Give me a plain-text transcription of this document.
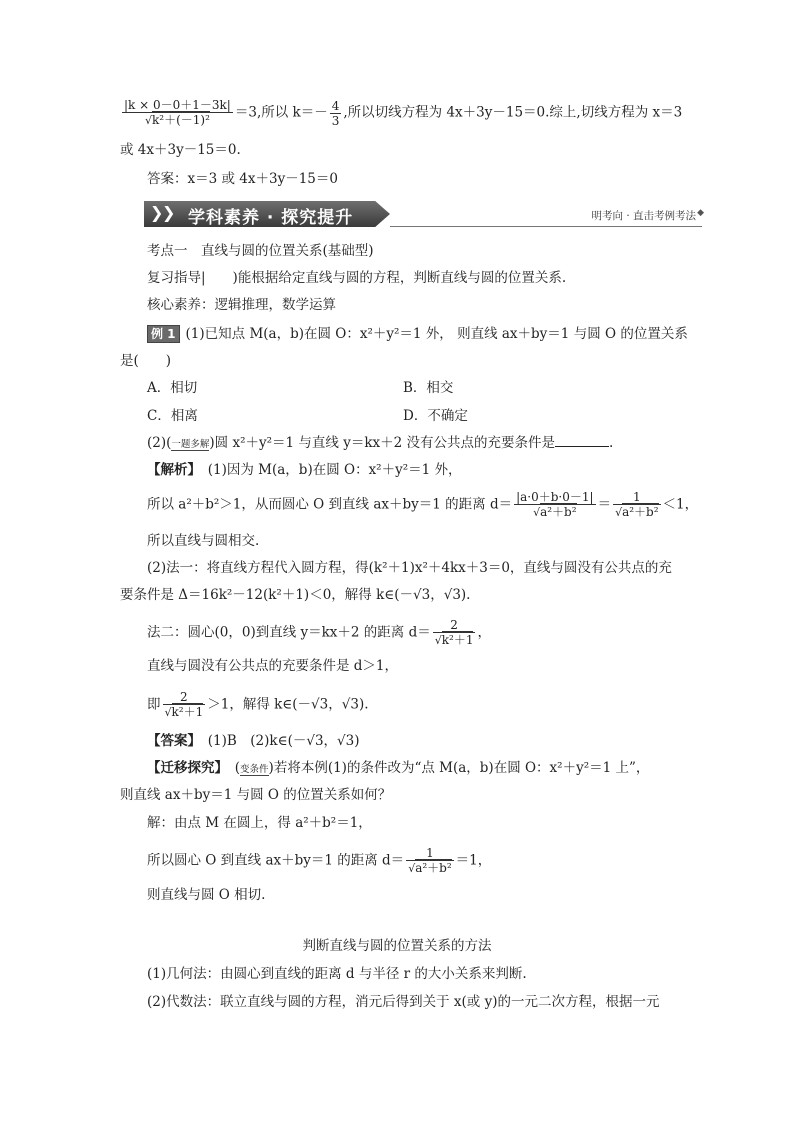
$\frac{|k \times 0-0+1-3k|}{\text{√k²＋(－1)²}} =3$,所以 $k=- \frac{4}{3}$ ,所以切线方程为 4x＋3y－15＝0.综上,切线方程为 x＝3
或 4x＋3y－15＝0.
答案：x＝3 或 4x＋3y－15＝0
❯
❯ 学科素养 · 探究提升	明考向 · 直击考例考法 ◆
考点一　直线与圆的位置关系(基础型)
复习指导|　　)能根据给定直线与圆的方程，判断直线与圆的位置关系.
核心素养：逻辑推理，数学运算
例 1 (1)已知点 M(a，b)在圆 O：x²＋y²＝1 外， 则直线 ax＋by＝1 与圆 O 的位置关系
是(　　)
A．相切	B．相交
C．相离	D．不确定
(2)(一题多解)圆 x²＋y²＝1 与直线 y＝kx＋2 没有公共点的充要条件是	.
【解析】　 (1)因为 M(a，b)在圆 O：x²＋y²＝1 外，
所以 a²＋b²＞1，从而圆心 O 到直线 ax＋by＝1 的距离 $d= \frac{|a\cdot 0+b\cdot 0-1|}{\text{√a²＋b²}} = \frac{1}{\text{√a²＋b²}} <1$，
所以直线与圆相交.
(2)法一：将直线方程代入圆方程，得(k²＋1)x²＋4kx＋3＝0，直线与圆没有公共点的充
要条件是 Δ＝16k²－12(k²＋1)＜0，解得 k∈(－√3，√3).
法二：圆心(0，0)到直线 y＝kx＋2 的距离 $d= \frac{2}{\text{√k²＋1}}$ ，
直线与圆没有公共点的充要条件是 d＞1，
即 $\frac{2}{\text{√k²＋1}} >1$，解得 k∈(－√3，√3).
【答案】　 (1)B　(2)k∈(－√3，√3)
【迁移探究】　(变条件)若将本例(1)的条件改为“点 M(a，b)在圆 O：x²＋y²＝1 上”，
则直线 ax＋by＝1 与圆 O 的位置关系如何？
解：由点 M 在圆上，得 a²＋b²＝1，
所以圆心 O 到直线 ax＋by＝1 的距离 $d= \frac{1}{\text{√a²＋b²}} =1$，
则直线与圆 O 相切.
判断直线与圆的位置关系的方法
(1)几何法：由圆心到直线的距离 d 与半径 r 的大小关系来判断.
(2)代数法：联立直线与圆的方程，消元后得到关于 x(或 y)的一元二次方程，根据一元
